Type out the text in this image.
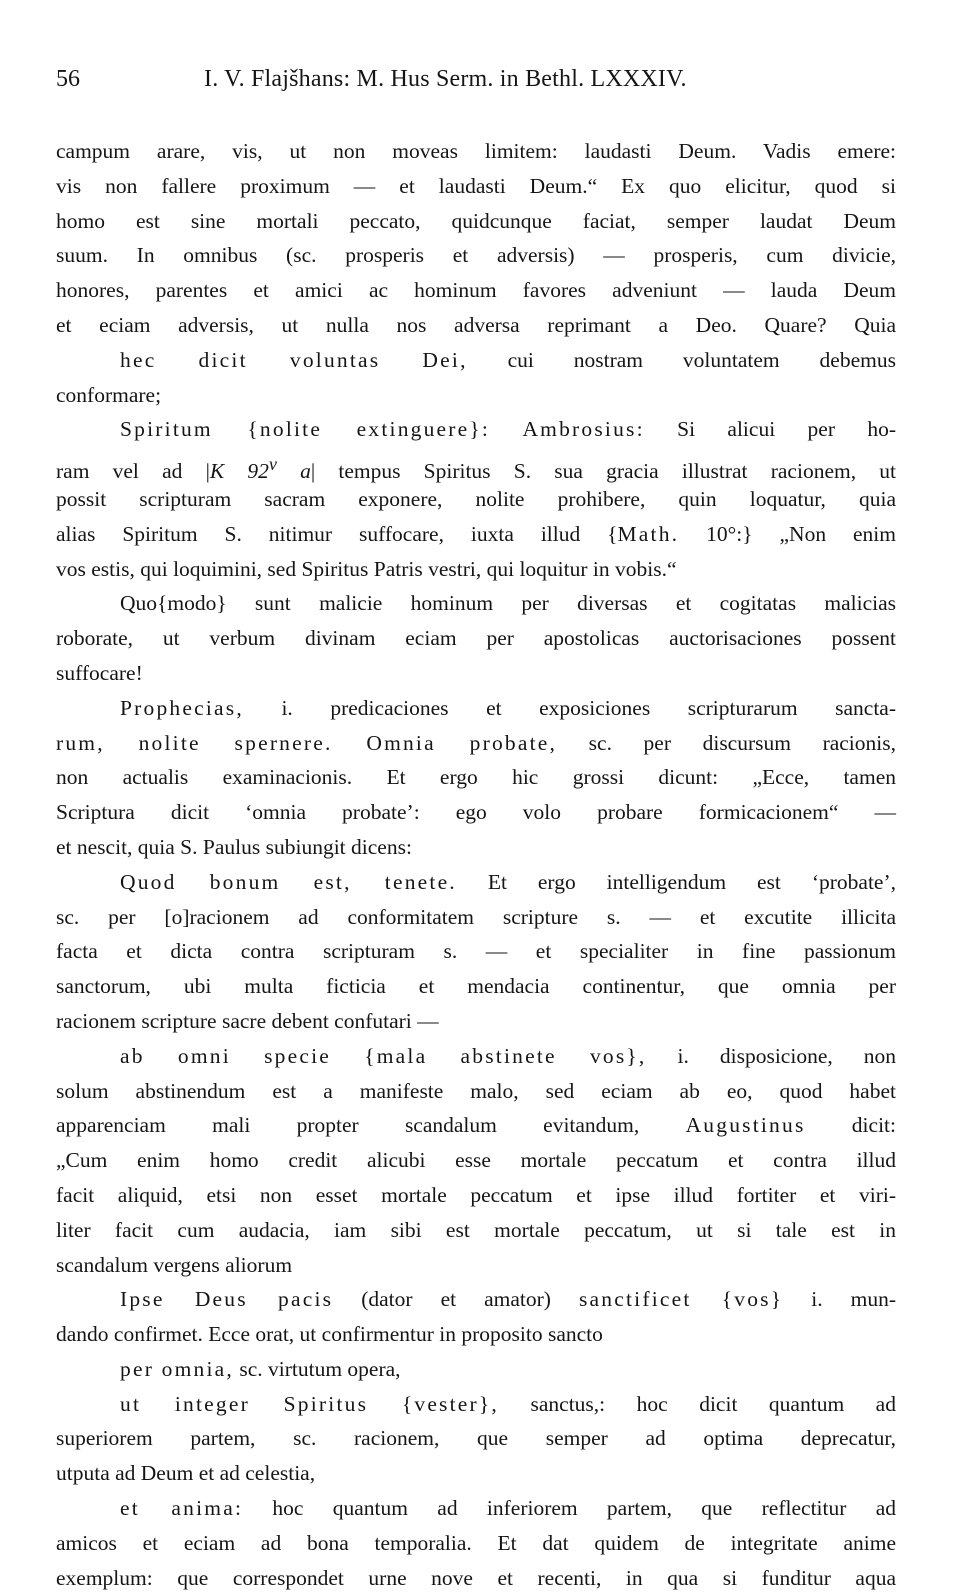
56	I. V. Flajšhans: M. Hus Serm. in Bethl. LXXXIV.
campum arare, vis, ut non moveas limitem: laudasti Deum. Vadis emere:
vis non fallere proximum — et laudasti Deum.“ Ex quo elicitur, quod si
homo est sine mortali peccato, quidcunque faciat, semper laudat Deum
suum. In omnibus (sc. prosperis et adversis) — prosperis, cum divicie,
honores, parentes et amici ac hominum favores adveniunt — lauda Deum
et eciam adversis, ut nulla nos adversa reprimant a Deo. Quare? Quia
hec dicit voluntas Dei, cui nostram voluntatem debemus
conformare;
Spiritum {nolite extinguere}: Ambrosius: Si alicui per ho-
ram vel ad |K 92$^v$ a| tempus Spiritus S. sua gracia illustrat racionem, ut
possit scripturam sacram exponere, nolite prohibere, quin loquatur, quia
alias Spiritum S. nitimur suffocare, iuxta illud {Math. 10°:} „Non enim
vos estis, qui loquimini, sed Spiritus Patris vestri, qui loquitur in vobis.“
Quo{modo} sunt malicie hominum per diversas et cogitatas malicias
roborate, ut verbum divinam eciam per apostolicas auctorisaciones possent
suffocare!
Prophecias, i. predicaciones et exposiciones scripturarum sancta-
rum, nolite spernere. Omnia probate, sc. per discursum racionis,
non actualis examinacionis. Et ergo hic grossi dicunt: „Ecce, tamen
Scriptura dicit ‘omnia probate’: ego volo probare formicacionem“ —
et nescit, quia S. Paulus subiungit dicens:
Quod bonum est, tenete. Et ergo intelligendum est ‘probate’,
sc. per [o]racionem ad conformitatem scripture s. — et excutite illicita
facta et dicta contra scripturam s. — et specialiter in fine passionum
sanctorum, ubi multa ficticia et mendacia continentur, que omnia per
racionem scripture sacre debent confutari —
ab omni specie {mala abstinete vos}, i. disposicione, non
solum abstinendum est a manifeste malo, sed eciam ab eo, quod habet
apparenciam mali propter scandalum evitandum, Augustinus dicit:
„Cum enim homo credit alicubi esse mortale peccatum et contra illud
facit aliquid, etsi non esset mortale peccatum et ipse illud fortiter et viri-
liter facit cum audacia, iam sibi est mortale peccatum, ut si tale est in
scandalum vergens aliorum
Ipse Deus pacis (dator et amator) sanctificet {vos} i. mun-
dando confirmet. Ecce orat, ut confirmentur in proposito sancto
per omnia, sc. virtutum opera,
ut integer Spiritus {vester}, sanctus,: hoc dicit quantum ad
superiorem partem, sc. racionem, que semper ad optima deprecatur,
utputa ad Deum et ad celestia,
et anima: hoc quantum ad inferiorem partem, que reflectitur ad
amicos et eciam ad bona temporalia. Et dat quidem de integritate anime
exemplum: que correspondet urne nove et recenti, in qua si funditur aqua
